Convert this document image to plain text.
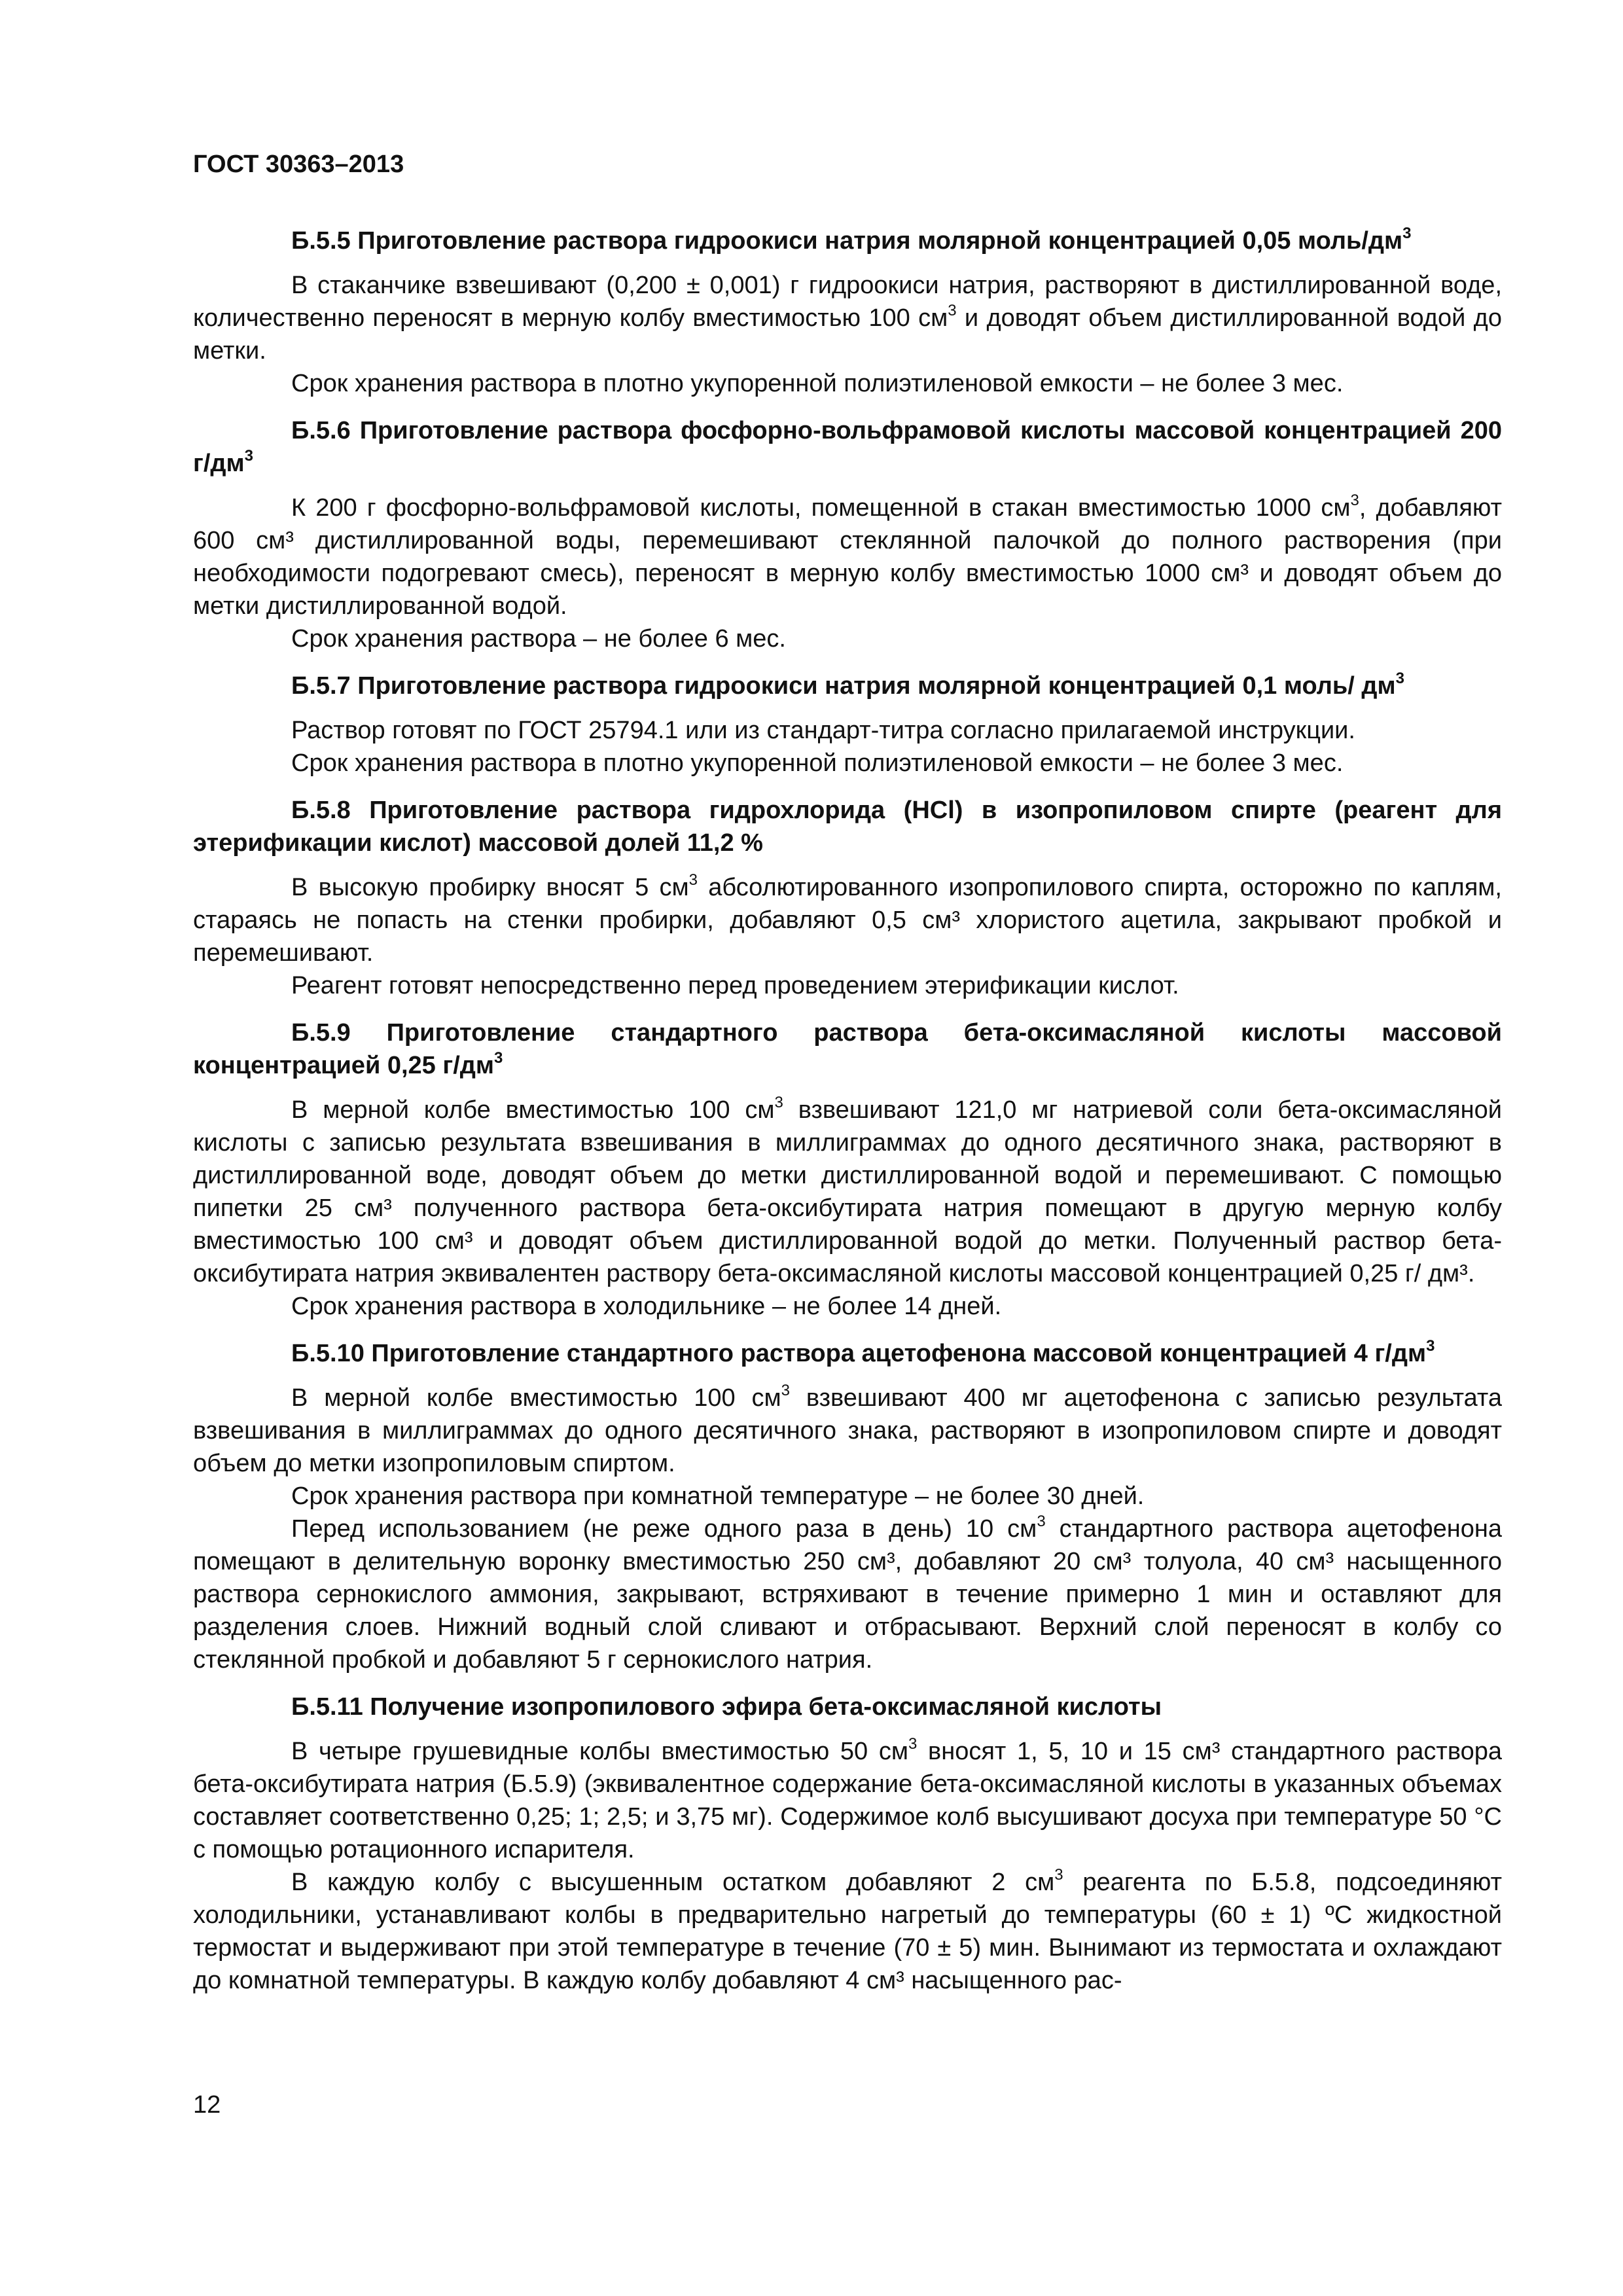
ГОСТ 30363–2013
Б.5.5 Приготовление раствора гидроокиси натрия молярной концентрацией 0,05 моль/$дм^3$

В стаканчике взвешивают (0,200 ± 0,001) г гидроокиси натрия, растворяют в дистиллированной воде, количественно переносят в мерную колбу вместимостью 100 $см^3$ и доводят объем дистиллированной водой до метки.

Срок хранения раствора в плотно укупоренной полиэтиленовой емкости – не более 3 мес.

Б.5.6 Приготовление раствора фосфорно-вольфрамовой кислоты массовой концентрацией 200 $г/дм^3$

К 200 г фосфорно-вольфрамовой кислоты, помещенной в стакан вместимостью 1000 $см^3$, добавляют 600 см³ дистиллированной воды, перемешивают стеклянной палочкой до полного растворения (при необходимости подогревают смесь), переносят в мерную колбу вместимостью 1000 см³ и доводят объем до метки дистиллированной водой.

Срок хранения раствора – не более 6 мес.

Б.5.7 Приготовление раствора гидроокиси натрия молярной концентрацией 0,1 моль/ $дм^3$

Раствор готовят по ГОСТ 25794.1 или из стандарт-титра согласно прилагаемой инструкции.

Срок хранения раствора в плотно укупоренной полиэтиленовой емкости – не более 3 мес.

Б.5.8 Приготовление раствора гидрохлорида (HCl) в изопропиловом спирте (реагент для этерификации кислот) массовой долей 11,2 %

В высокую пробирку вносят 5 $см^3$ абсолютированного изопропилового спирта, осторожно по каплям, стараясь не попасть на стенки пробирки, добавляют 0,5 см³ хлористого ацетила, закрывают пробкой и перемешивают.

Реагент готовят непосредственно перед проведением этерификации кислот.

Б.5.9 Приготовление стандартного раствора бета-оксимасляной кислоты массовой концентрацией 0,25 $г/дм^3$

В мерной колбе вместимостью 100 $см^3$ взвешивают 121,0 мг натриевой соли бета-оксимасляной кислоты с записью результата взвешивания в миллиграммах до одного десятичного знака, растворяют в дистиллированной воде, доводят объем до метки дистиллированной водой и перемешивают. С помощью пипетки 25 см³ полученного раствора бета-оксибутирата натрия помещают в другую мерную колбу вместимостью 100 см³ и доводят объем дистиллированной водой до метки. Полученный раствор бета-оксибутирата натрия эквивалентен раствору бета-оксимасляной кислоты массовой концентрацией 0,25 г/ дм³.

Срок хранения раствора в холодильнике – не более 14 дней.

Б.5.10 Приготовление стандартного раствора ацетофенона массовой концентрацией 4 $г/дм^3$

В мерной колбе вместимостью 100 $см^3$ взвешивают 400 мг ацетофенона с записью результата взвешивания в миллиграммах до одного десятичного знака, растворяют в изопропиловом спирте и доводят объем до метки изопропиловым спиртом.

Срок хранения раствора при комнатной температуре – не более 30 дней.

Перед использованием (не реже одного раза в день) 10 $см^3$ стандартного раствора ацетофенона помещают в делительную воронку вместимостью 250 см³, добавляют 20 см³ толуола, 40 см³ насыщенного раствора сернокислого аммония, закрывают, встряхивают в течение примерно 1 мин и оставляют для разделения слоев. Нижний водный слой сливают и отбрасывают. Верхний слой переносят в колбу со стеклянной пробкой и добавляют 5 г сернокислого натрия.

Б.5.11 Получение изопропилового эфира бета-оксимасляной кислоты

В четыре грушевидные колбы вместимостью 50 $см^3$ вносят 1, 5, 10 и 15 см³ стандартного раствора бета-оксибутирата натрия (Б.5.9) (эквивалентное содержание бета-оксимасляной кислоты в указанных объемах составляет соответственно 0,25; 1; 2,5; и 3,75 мг). Содержимое колб высушивают досуха при температуре 50 °С с помощью ротационного испарителя.

В каждую колбу с высушенным остатком добавляют 2 $см^3$ реагента по Б.5.8, подсоединяют холодильники, устанавливают колбы в предварительно нагретый до температуры (60 ± 1) ºС жидкостной термостат и выдерживают при этой температуре в течение (70 ± 5) мин. Вынимают из термостата и охлаждают до комнатной температуры. В каждую колбу добавляют 4 см³ насыщенного рас-

12
